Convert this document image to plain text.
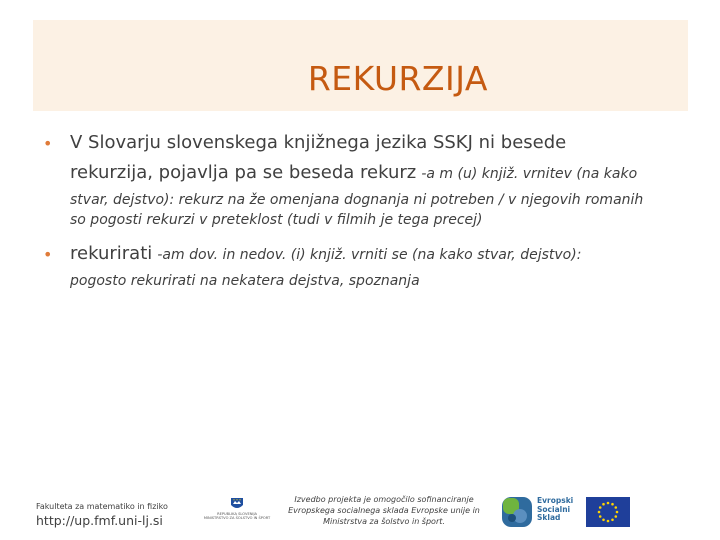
REKURZIJA
• V Slovarju slovenskega knjižnega jezika SSKJ ni besede
rekurzija, pojavlja pa se beseda rekurz -a m (u) knjiž. vrnitev (na kako
stvar, dejstvo): rekurz na že omenjana dognanja ni potreben / v njegovih romanih
so pogosti rekurzi v preteklost (tudi v filmih je tega precej)
• rekurirati -am dov. in nedov. (i) knjiž. vrniti se (na kako stvar, dejstvo):
pogosto rekurirati na nekatera dejstva, spoznanja
Fakulteta za matematiko in fiziko
http://up.fmf.uni-lj.si	REPUBLIKA SLOVENIJA
MINISTRSTVO ZA ŠOLSTVO IN ŠPORT
Izvedbo projekta je omogočilo sofinanciranje
Evropskega socialnega sklada Evropske unije in
Ministrstva za šolstvo in šport.
Evropski
Socialni
Sklad
